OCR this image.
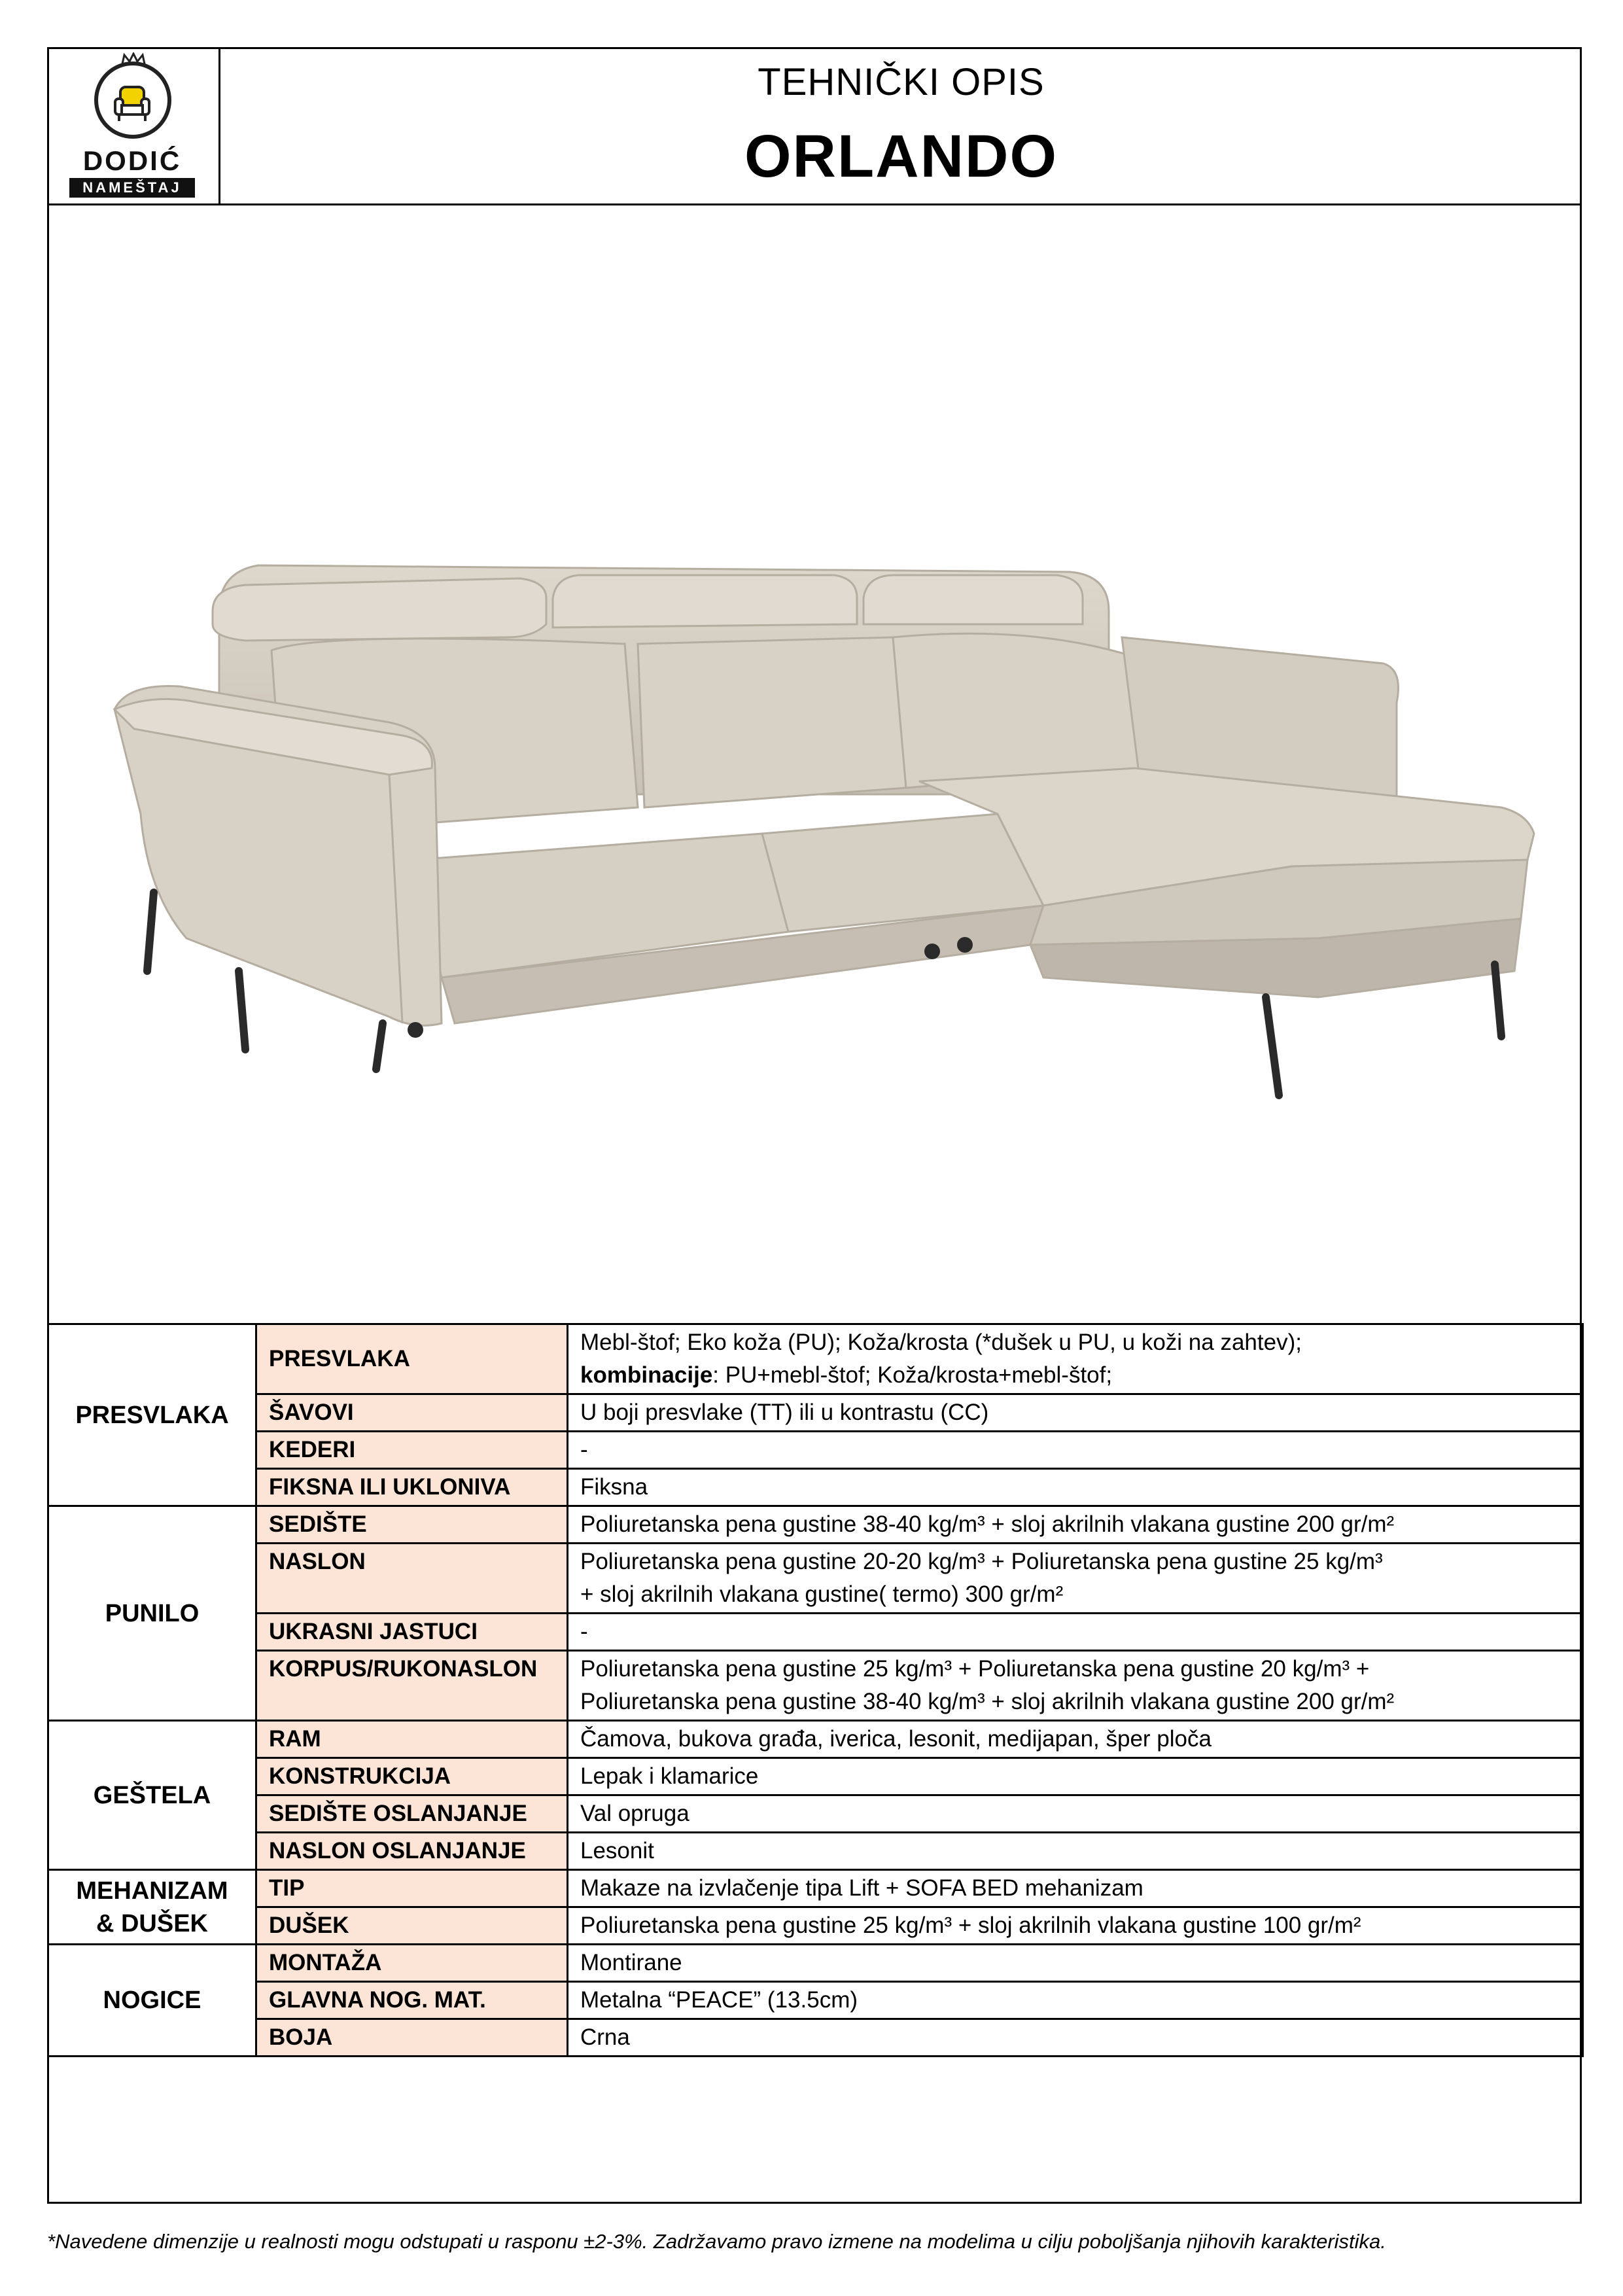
DODIĆ
NAMEŠTAJ
TEHNIČKI OPIS
ORLANDO
PRESVLAKA	PRESVLAKA	Mebl-štof; Eko koža (PU); Koža/krosta (*dušek u PU, u koži na zahtev);
kombinacije: PU+mebl-štof; Koža/krosta+mebl-štof;
	ŠAVOVI	U boji presvlake (TT) ili u kontrastu (CC)
	KEDERI	-
	FIKSNA ILI UKLONIVA	Fiksna
PUNILO	SEDIŠTE	Poliuretanska pena gustine 38-40 kg/m³ + sloj akrilnih vlakana gustine 200 gr/m²
	NASLON	Poliuretanska pena gustine 20-20 kg/m³ + Poliuretanska pena gustine 25 kg/m³
+ sloj akrilnih vlakana gustine( termo) 300 gr/m²
	UKRASNI JASTUCI	-
	KORPUS/RUKONASLON	Poliuretanska pena gustine 25 kg/m³ + Poliuretanska pena gustine 20 kg/m³ +
Poliuretanska pena gustine 38-40 kg/m³ + sloj akrilnih vlakana gustine 200 gr/m²
GEŠTELA	RAM	Čamova, bukova građa, iverica, lesonit, medijapan, šper ploča
	KONSTRUKCIJA	Lepak i klamarice
	SEDIŠTE OSLANJANJE	Val opruga
	NASLON OSLANJANJE	Lesonit
MEHANIZAM
& DUŠEK	TIP	Makaze na izvlačenje tipa Lift + SOFA BED mehanizam
	DUŠEK	Poliuretanska pena gustine 25 kg/m³ + sloj akrilnih vlakana gustine 100 gr/m²
NOGICE	MONTAŽA	Montirane
	GLAVNA NOG. MAT.	Metalna “PEACE” (13.5cm)
	BOJA	Crna
*Navedene dimenzije u realnosti mogu odstupati u rasponu ±2-3%. Zadržavamo pravo izmene na modelima u cilju poboljšanja njihovih karakteristika.
